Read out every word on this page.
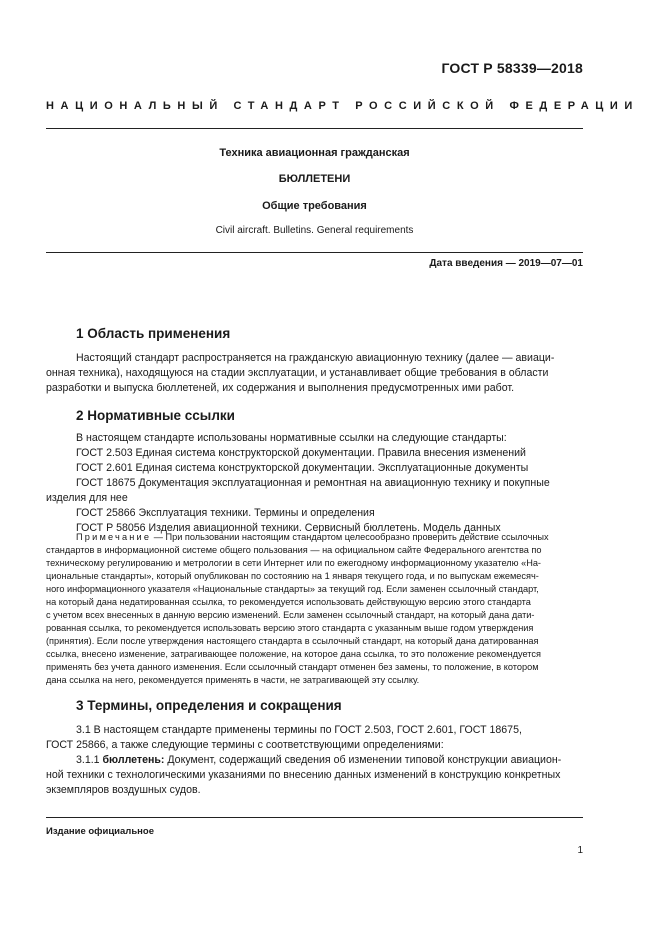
ГОСТ Р 58339—2018
НАЦИОНАЛЬНЫЙ СТАНДАРТ РОССИЙСКОЙ ФЕДЕРАЦИИ
Техника авиационная гражданская
БЮЛЛЕТЕНИ
Общие требования
Civil aircraft. Bulletins. General requirements
Дата введения — 2019—07—01
1 Область применения
Настоящий стандарт распространяется на гражданскую авиационную технику (далее — авиаци-
онная техника), находящуюся на стадии эксплуатации, и устанавливает общие требования в области
разработки и выпуска бюллетеней, их содержания и выполнения предусмотренных ими работ.
2 Нормативные ссылки
В настоящем стандарте использованы нормативные ссылки на следующие стандарты:
ГОСТ 2.503 Единая система конструкторской документации. Правила внесения изменений
ГОСТ 2.601 Единая система конструкторской документации. Эксплуатационные документы
ГОСТ 18675 Документация эксплуатационная и ремонтная на авиационную технику и покупные
изделия для нее
ГОСТ 25866 Эксплуатация техники. Термины и определения
ГОСТ Р 58056 Изделия авиационной техники. Сервисный бюллетень. Модель данных
Примечание — При пользовании настоящим стандартом целесообразно проверить действие ссылочных
стандартов в информационной системе общего пользования — на официальном сайте Федерального агентства по
техническому регулированию и метрологии в сети Интернет или по ежегодному информационному указателю «На-
циональные стандарты», который опубликован по состоянию на 1 января текущего года, и по выпускам ежемесяч-
ного информационного указателя «Национальные стандарты» за текущий год. Если заменен ссылочный стандарт,
на который дана недатированная ссылка, то рекомендуется использовать действующую версию этого стандарта
с учетом всех внесенных в данную версию изменений. Если заменен ссылочный стандарт, на который дана дати-
рованная ссылка, то рекомендуется использовать версию этого стандарта с указанным выше годом утверждения
(принятия). Если после утверждения настоящего стандарта в ссылочный стандарт, на который дана датированная
ссылка, внесено изменение, затрагивающее положение, на которое дана ссылка, то это положение рекомендуется
применять без учета данного изменения. Если ссылочный стандарт отменен без замены, то положение, в котором
дана ссылка на него, рекомендуется применять в части, не затрагивающей эту ссылку.
3 Термины, определения и сокращения
3.1 В настоящем стандарте применены термины по ГОСТ 2.503, ГОСТ 2.601, ГОСТ 18675,
ГОСТ 25866, а также следующие термины с соответствующими определениями:
3.1.1 бюллетень: Документ, содержащий сведения об изменении типовой конструкции авиацион-
ной техники с технологическими указаниями по внесению данных изменений в конструкцию конкретных
экземпляров воздушных судов.
Издание официальное
1
